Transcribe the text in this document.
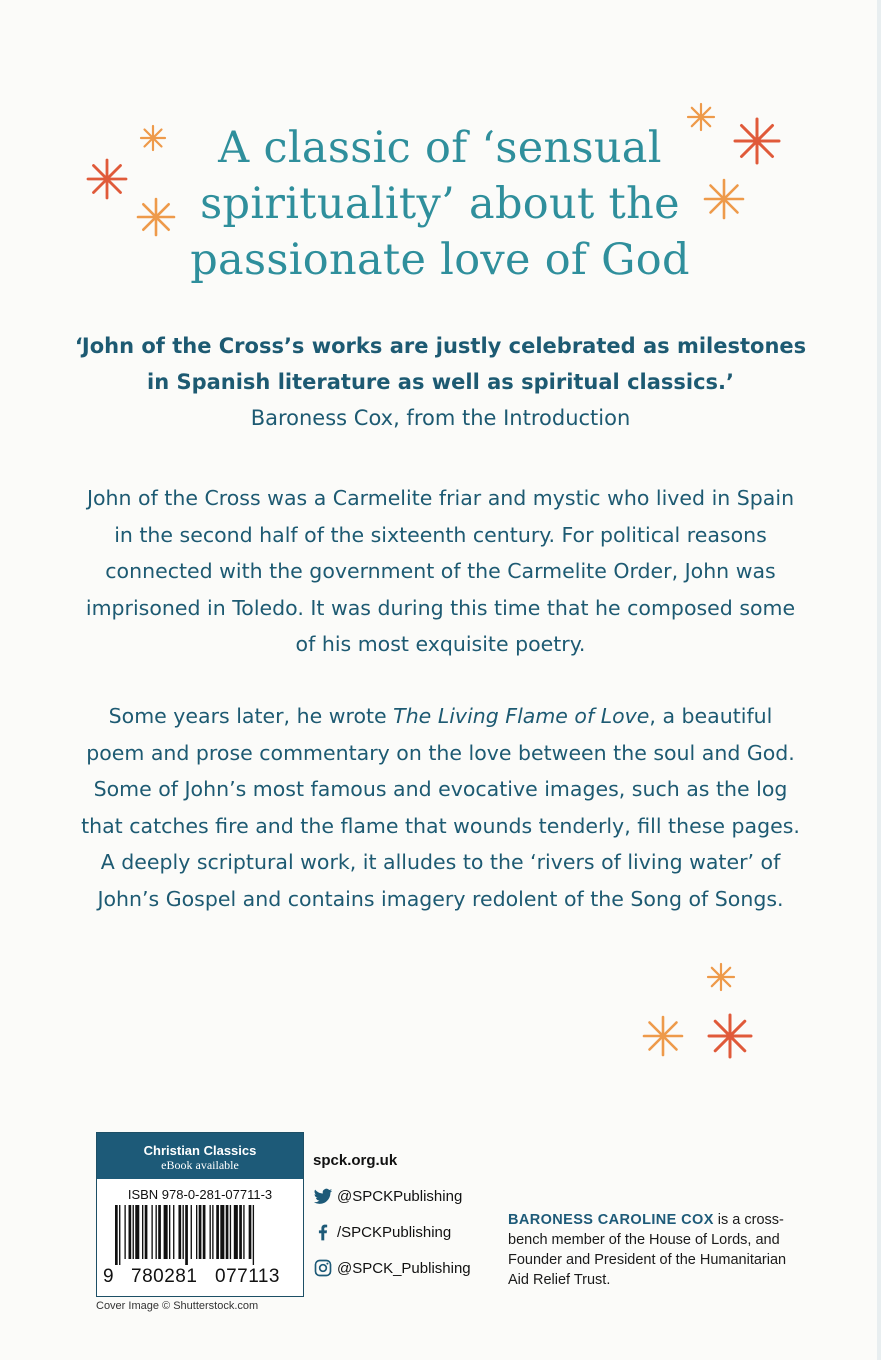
A classic of ‘sensual
spirituality’ about the
passionate love of God
‘John of the Cross’s works are justly celebrated as milestones
in Spanish literature as well as spiritual classics.’
Baroness Cox, from the Introduction

John of the Cross was a Carmelite friar and mystic who lived in Spain in the second half of the sixteenth century. For political reasons connected with the government of the Carmelite Order, John was imprisoned in Toledo. It was during this time that he composed some of his most exquisite poetry.

Some years later, he wrote The Living Flame of Love, a beautiful poem and prose commentary on the love between the soul and God. Some of John’s most famous and evocative images, such as the log that catches fire and the flame that wounds tenderly, fill these pages. A deeply scriptural work, it alludes to the ‘rivers of living water’ of John’s Gospel and contains imagery redolent of the Song of Songs.

Christian Classics
eBook available
ISBN 978-0-281-07711-3
9 780281 077113
Cover Image © Shutterstock.com
spck.org.uk
@SPCKPublishing
/SPCKPublishing
@SPCK_Publishing
BARONESS CAROLINE COX is a cross-bench member of the House of Lords, and Founder and President of the Humanitarian Aid Relief Trust.
